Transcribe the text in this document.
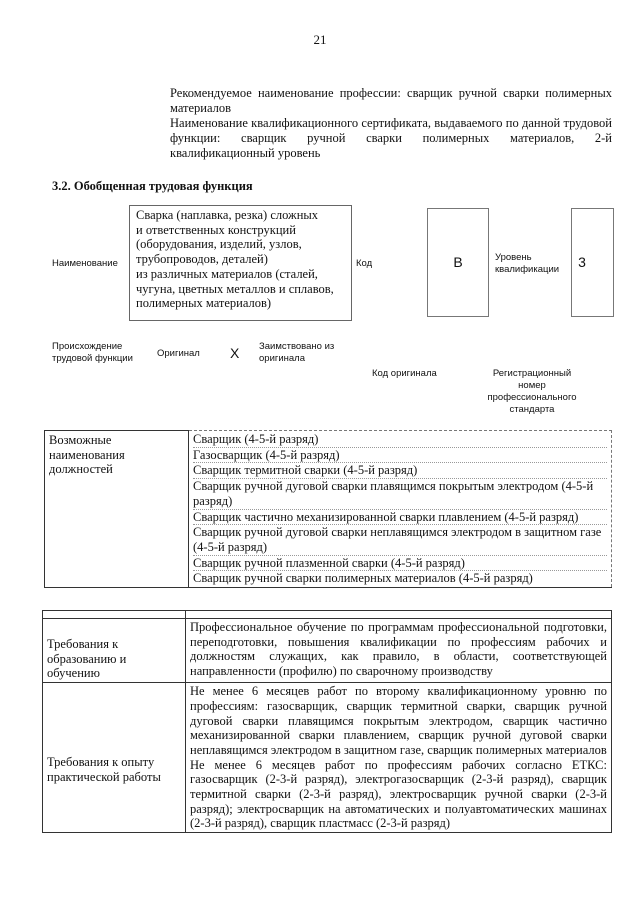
21

Рекомендуемое наименование профессии: сварщик ручной сварки полимерных материалов

Наименование квалификационного сертификата, выдаваемого по данной трудовой функции: сварщик ручной сварки полимерных материалов, 2-й квалификационный уровень

3.2. Обобщенная трудовая функция
Наименование
Сварка (наплавка, резка) сложных
и ответственных конструкций
(оборудования, изделий, узлов,
трубопроводов, деталей)
из различных материалов (сталей,
чугуна, цветных металлов и сплавов,
полимерных материалов)
Код	B	Уровень квалификации	3
Происхождение трудовой функции	Оригинал X Заимствовано из оригинала
Код оригинала	Регистрационный номер профессионального стандарта
Возможные наименования должностей	
Сварщик (4-5-й разряд)
Газосварщик (4-5-й разряд)
Сварщик термитной сварки (4-5-й разряд)
Сварщик ручной дуговой сварки плавящимся покрытым электродом (4-5-й разряд)
Сварщик частично механизированной сварки плавлением (4-5-й разряд)
Сварщик ручной дуговой сварки неплавящимся электродом в защитном газе (4-5-й разряд)
Сварщик ручной плазменной сварки (4-5-й разряд)
Сварщик ручной сварки полимерных материалов (4-5-й разряд)

Требования к образованию и обучению	Профессиональное обучение по программам профессиональной подготовки, переподготовки, повышения квалификации по профессиям рабочих и должностям служащих, как правило, в области, соответствующей направленности (профилю) по сварочному производству
Требования к опыту практической работы	Не менее 6 месяцев работ по второму квалификационному уровню по профессиям: газосварщик, сварщик термитной сварки, сварщик ручной дуговой сварки плавящимся покрытым электродом, сварщик частично механизированной сварки плавлением, сварщик ручной дуговой сварки неплавящимся электродом в защитном газе, сварщик полимерных материалов
Не менее 6 месяцев работ по профессиям рабочих согласно ЕТКС: газосварщик (2-3-й разряд), электрогазосварщик (2-3-й разряд), сварщик термитной сварки (2-3-й разряд), электросварщик ручной сварки (2-3-й разряд); электросварщик на автоматических и полуавтоматических машинах (2-3-й разряд), сварщик пластмасс (2-3-й разряд)
